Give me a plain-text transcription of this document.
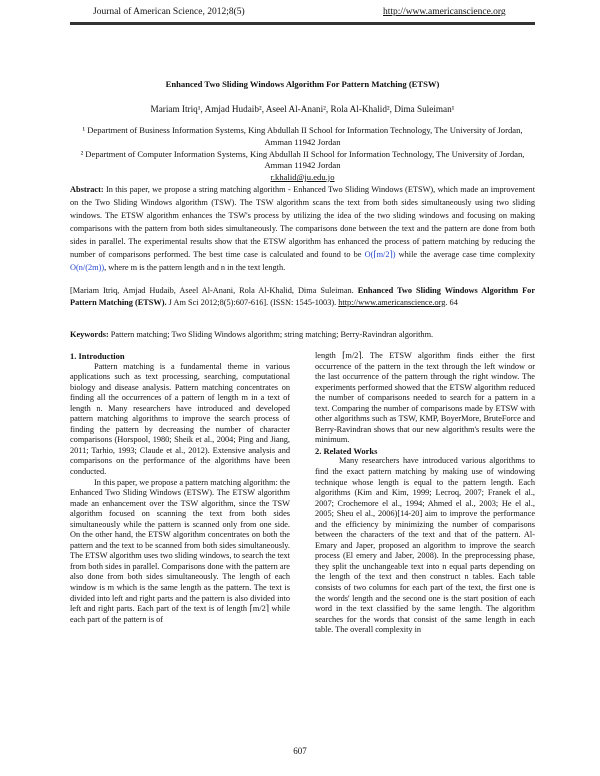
Journal of American Science, 2012;8(5)	http://www.americanscience.org
Enhanced Two Sliding Windows Algorithm For Pattern Matching (ETSW)
Mariam Itriq¹, Amjad Hudaib², Aseel Al-Anani², Rola Al-Khalid², Dima Suleiman¹
¹ Department of Business Information Systems, King Abdullah II School for Information Technology, The University of Jordan, Amman 11942 Jordan
² Department of Computer Information Systems, King Abdullah II School for Information Technology, The University of Jordan, Amman 11942 Jordan
r.khalid@ju.edu.jo
Abstract: In this paper, we propose a string matching algorithm - Enhanced Two Sliding Windows (ETSW), which made an improvement on the Two Sliding Windows algorithm (TSW). The TSW algorithm scans the text from both sides simultaneously using two sliding windows. The ETSW algorithm enhances the TSW's process by utilizing the idea of the two sliding windows and focusing on making comparisons with the pattern from both sides simultaneously. The comparisons done between the text and the pattern are done from both sides in parallel. The experimental results show that the ETSW algorithm has enhanced the process of pattern matching by reducing the number of comparisons performed. The best time case is calculated and found to be O(⌈m/2⌉) while the average case time complexity O(n/(2m)), where m is the pattern length and n in the text length.
[Mariam Itriq, Amjad Hudaib, Aseel Al-Anani, Rola Al-Khalid, Dima Suleiman. Enhanced Two Sliding Windows Algorithm For Pattern Matching (ETSW). J Am Sci 2012;8(5):607-616]. (ISSN: 1545-1003). http://www.americanscience.org. 64
Keywords: Pattern matching; Two Sliding Windows algorithm; string matching; Berry-Ravindran algorithm.
1. Introduction

Pattern matching is a fundamental theme in various applications such as text processing, searching, computational biology and disease analysis. Pattern matching concentrates on finding all the occurrences of a pattern of length m in a text of length n. Many researchers have introduced and developed pattern matching algorithms to improve the search process of finding the pattern by decreasing the number of character comparisons (Horspool, 1980; Sheik et al., 2004; Ping and Jiang, 2011; Tarhio, 1993; Claude et al., 2012). Extensive analysis and comparisons on the performance of the algorithms have been conducted.

In this paper, we propose a pattern matching algorithm: the Enhanced Two Sliding Windows (ETSW). The ETSW algorithm made an enhancement over the TSW algorithm, since the TSW algorithm focused on scanning the text from both sides simultaneously while the pattern is scanned only from one side. On the other hand, the ETSW algorithm concentrates on both the pattern and the text to be scanned from both sides simultaneously. The ETSW algorithm uses two sliding windows, to search the text from both sides in parallel. Comparisons done with the pattern are also done from both sides simultaneously. The length of each window is m which is the same length as the pattern. The text is divided into left and right parts and the pattern is also divided into left and right parts. Each part of the text is of length ⌈m/2⌉ while each part of the pattern is of

length ⌈m/2⌉. The ETSW algorithm finds either the first occurrence of the pattern in the text through the left window or the last occurrence of the pattern through the right window. The experiments performed showed that the ETSW algorithm reduced the number of comparisons needed to search for a pattern in a text. Comparing the number of comparisons made by ETSW with other algorithms such as TSW, KMP, BoyerMore, BruteForce and Berry-Ravindran shows that our new algorithm's results were the minimum.

2. Related Works

Many researchers have introduced various algorithms to find the exact pattern matching by making use of windowing technique whose length is equal to the pattern length. Each algorithms (Kim and Kim, 1999; Lecroq, 2007; Franek el al., 2007; Crochemore el al., 1994; Ahmed el al., 2003; He el al., 2005; Sheu el al., 2006)[14-20] aim to improve the performance and the efficiency by minimizing the number of comparisons between the characters of the text and that of the pattern. Al-Emary and Japer, proposed an algorithm to improve the search process (El emery and Jaber, 2008). In the preprocessing phase, they split the unchangeable text into n equal parts depending on the length of the text and then construct n tables. Each table consists of two columns for each part of the text, the first one is the words' length and the second one is the start position of each word in the text classified by the same length. The algorithm searches for the words that consist of the same length in each table. The overall complexity in

607
